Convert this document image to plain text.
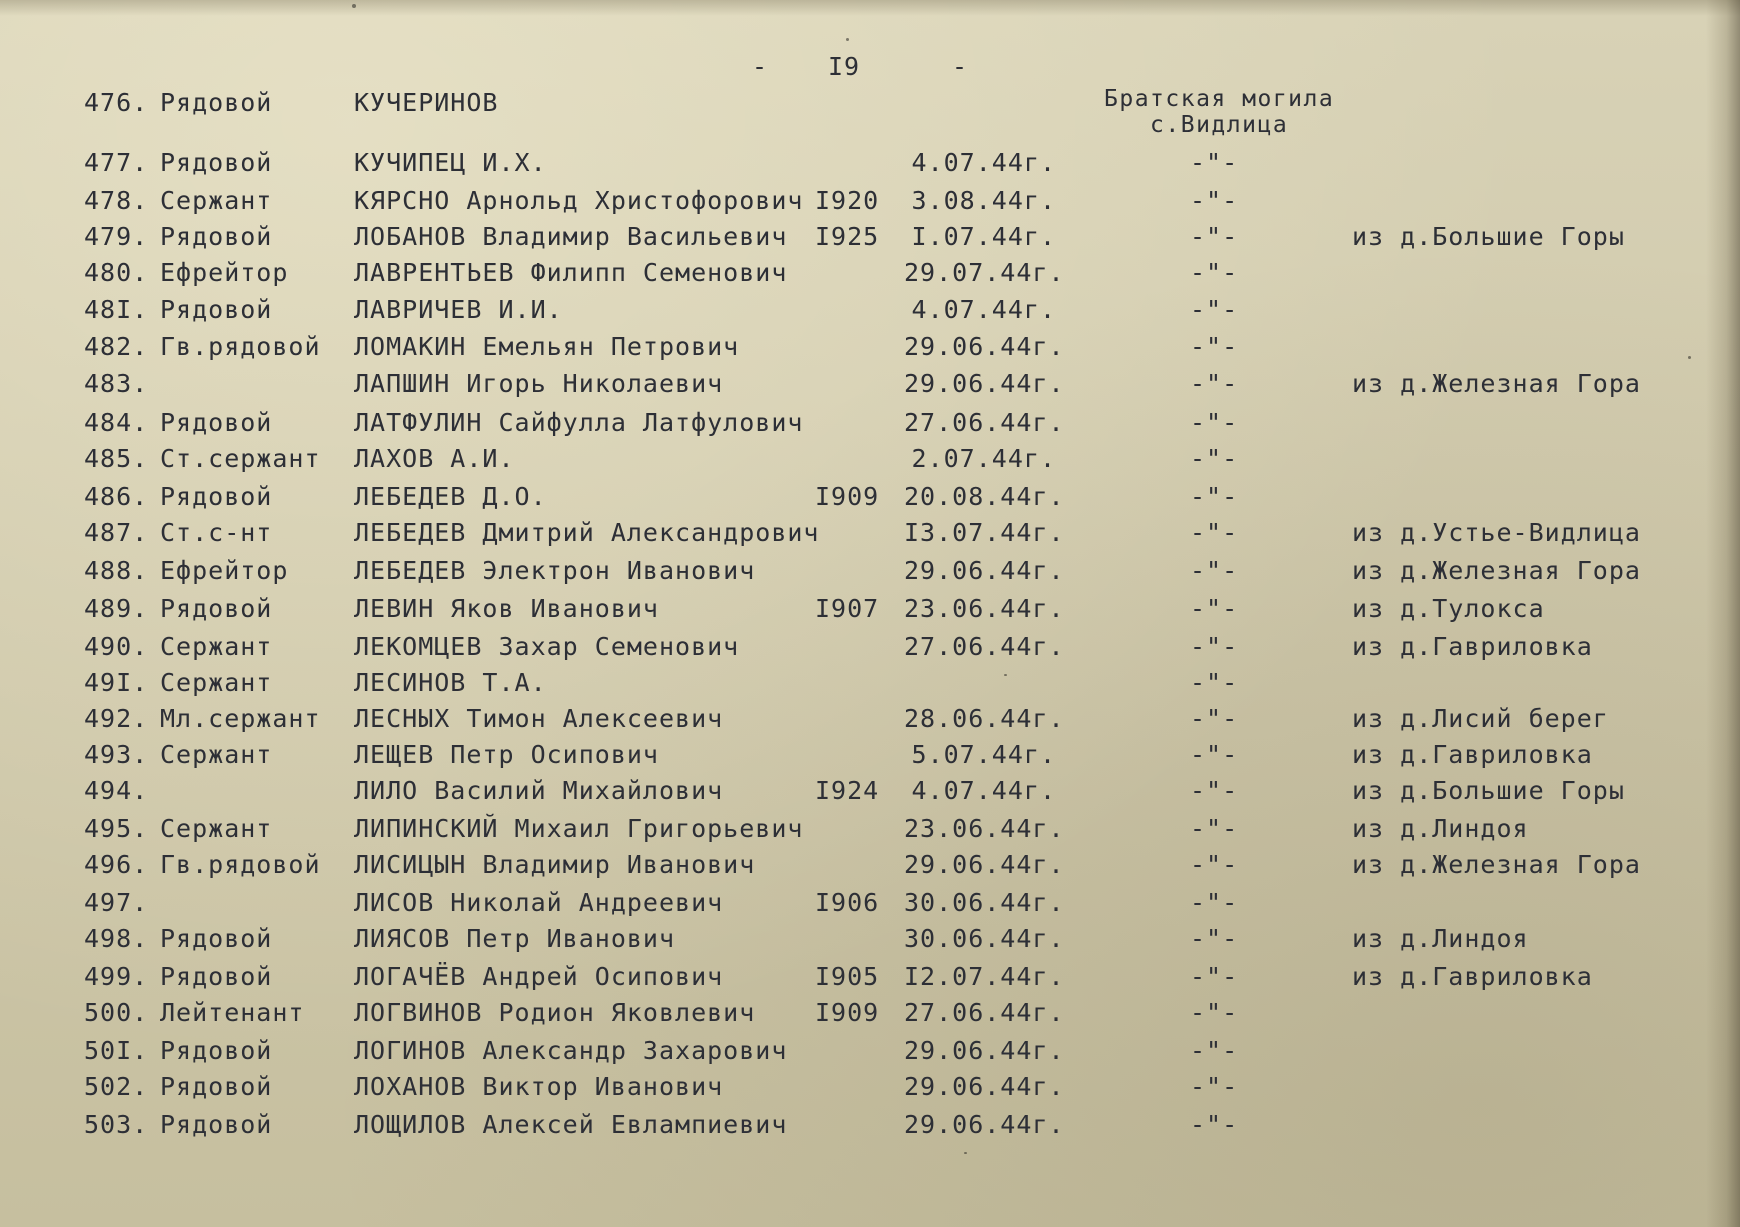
- I9	-
Братская могила
с.Видлица
476. Рядовой	КУЧЕРИНОВ
477. Рядовой	КУЧИПЕЦ И.Х.	4.07.44г.	-"-
478. Сержант	КЯРСНО Арнольд Христофорович I920	3.08.44г.	-"-
479. Рядовой	ЛОБАНОВ Владимир Васильевич I925	I.07.44г.	-"-	из д.Большие Горы
480. Ефрейтор	ЛАВРЕНТЬЕВ Филипп Семенович	29.07.44г.	-"-
48I. Рядовой	ЛАВРИЧЕВ И.И.	4.07.44г.	-"-
482. Гв.рядовой ЛОМАКИН Емельян Петрович	29.06.44г.	-"-
483.	ЛАПШИН Игорь Николаевич	29.06.44г.	-"-	из д.Железная Гора
484. Рядовой	ЛАТФУЛИН Сайфулла Латфулович	27.06.44г.	-"-
485. Ст.сержант ЛАХОВ А.И.	2.07.44г.	-"-
486. Рядовой	ЛЕБЕДЕВ Д.О.	I909 20.08.44г.	-"-
487. Ст.с-нт	ЛЕБЕДЕВ Дмитрий Александрович	I3.07.44г.	-"-	из д.Устье-Видлица
488. Ефрейтор	ЛЕБЕДЕВ Электрон Иванович	29.06.44г.	-"-	из д.Железная Гора
489. Рядовой	ЛЕВИН Яков Иванович	I907 23.06.44г.	-"-	из д.Тулокса
490. Сержант	ЛЕКОМЦЕВ Захар Семенович	27.06.44г.	-"-	из д.Гавриловка
49I. Сержант	ЛЕСИНОВ Т.А.	-"-
492. Мл.сержант ЛЕСНЫХ Тимон Алексеевич	28.06.44г.	-"-	из д.Лисий берег
493. Сержант	ЛЕЩЕВ Петр Осипович	5.07.44г.	-"-	из д.Гавриловка
494.	ЛИЛО Василий Михайлович	I924	4.07.44г.	-"-	из д.Большие Горы
495. Сержант	ЛИПИНСКИЙ Михаил Григорьевич	23.06.44г.	-"-	из д.Линдоя
496. Гв.рядовой ЛИСИЦЫН Владимир Иванович	29.06.44г.	-"-	из д.Железная Гора
497.	ЛИСОВ Николай Андреевич	I906 30.06.44г.	-"-
498. Рядовой	ЛИЯСОВ Петр Иванович	30.06.44г.	-"-	из д.Линдоя
499. Рядовой	ЛОГАЧЁВ Андрей Осипович	I905 I2.07.44г.	-"-	из д.Гавриловка
500. Лейтенант ЛОГВИНОВ Родион Яковлевич I909 27.06.44г.	-"-
50I. Рядовой	ЛОГИНОВ Александр Захарович	29.06.44г.	-"-
502. Рядовой	ЛОХАНОВ Виктор Иванович	29.06.44г.	-"-
503. Рядовой	ЛОЩИЛОВ Алексей Евлампиевич	29.06.44г.	-"-
